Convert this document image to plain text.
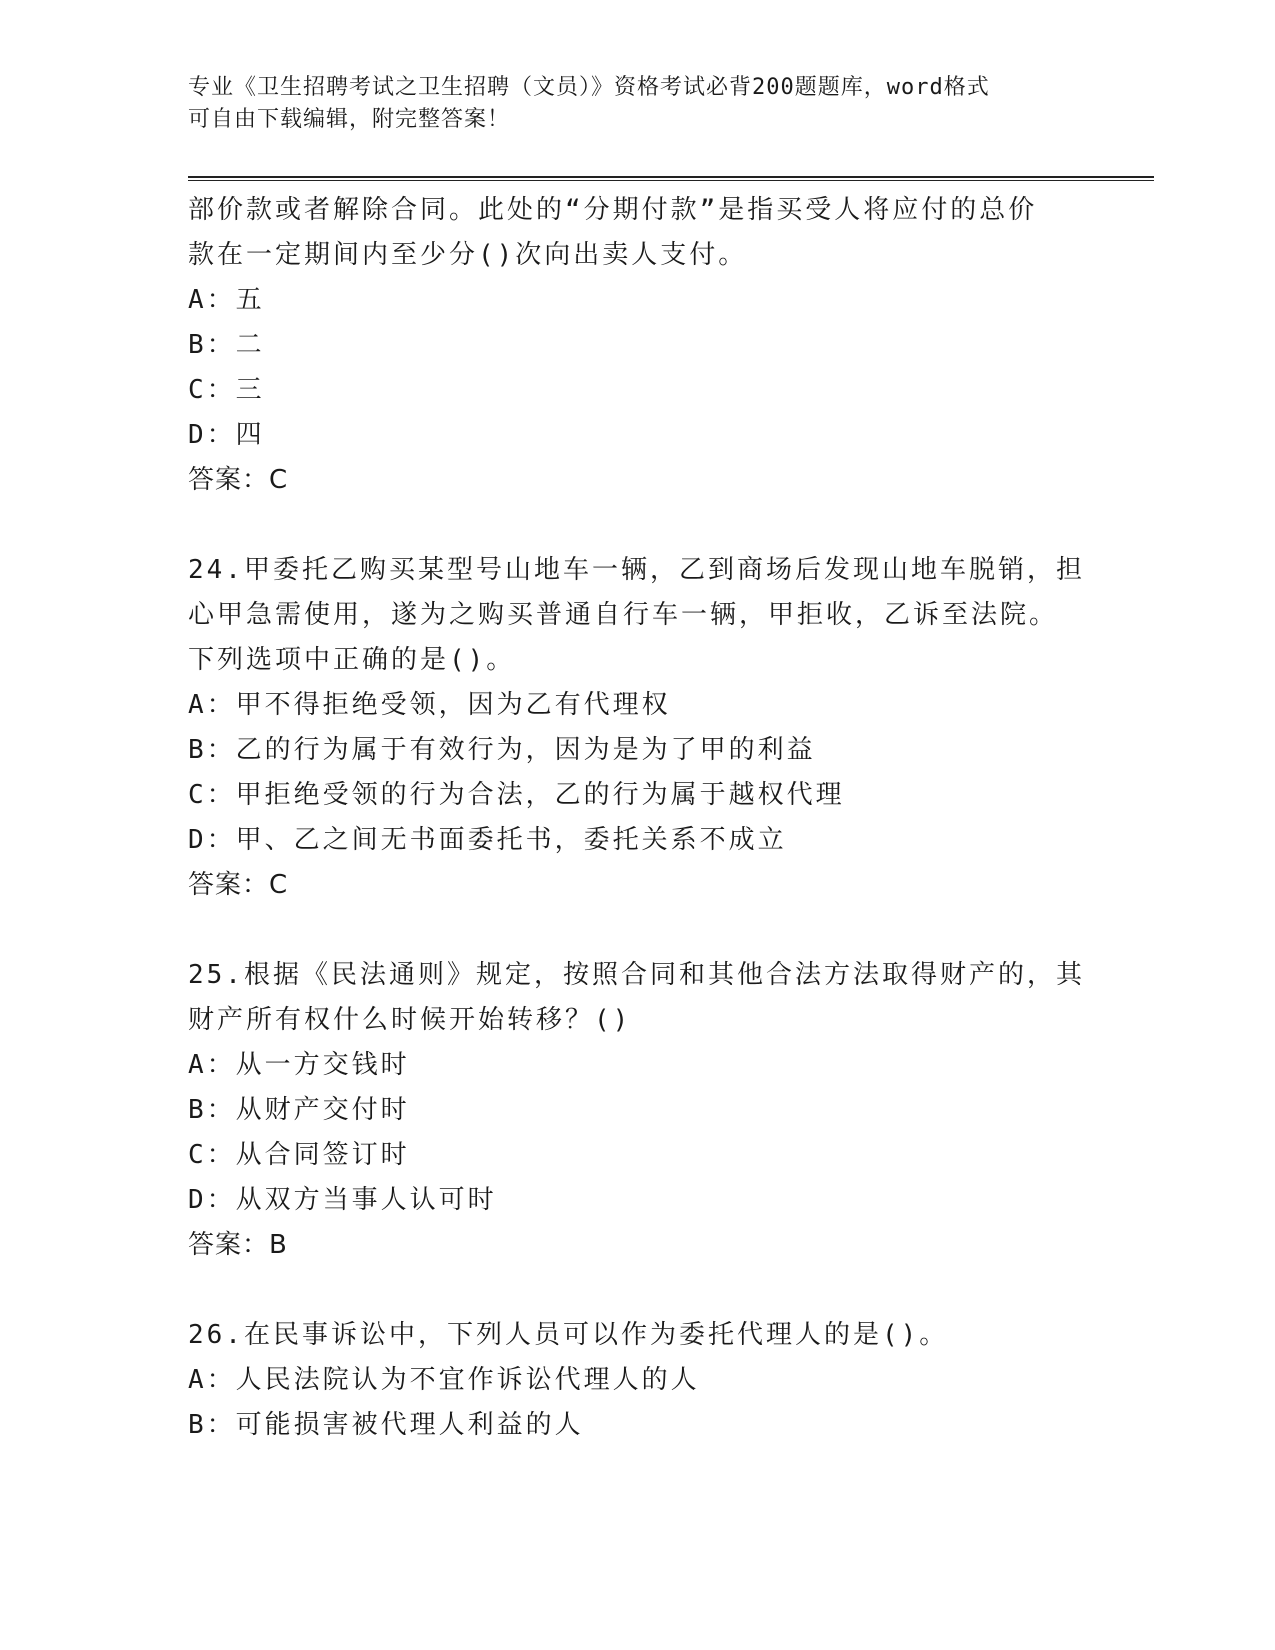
专业《卫生招聘考试之卫生招聘（文员）》资格考试必背200题题库，word格式
可自由下载编辑，附完整答案！
部价款或者解除合同。此处的“分期付款”是指买受人将应付的总价
款在一定期间内至少分()次向出卖人支付。
A：五
B：二
C：三
D：四
答案：C
24.甲委托乙购买某型号山地车一辆，乙到商场后发现山地车脱销，担
心甲急需使用，遂为之购买普通自行车一辆，甲拒收，乙诉至法院。
下列选项中正确的是()。
A：甲不得拒绝受领，因为乙有代理权
B：乙的行为属于有效行为，因为是为了甲的利益
C：甲拒绝受领的行为合法，乙的行为属于越权代理
D：甲、乙之间无书面委托书，委托关系不成立
答案：C
25.根据《民法通则》规定，按照合同和其他合法方法取得财产的，其
财产所有权什么时候开始转移？()
A：从一方交钱时
B：从财产交付时
C：从合同签订时
D：从双方当事人认可时
答案：B
26.在民事诉讼中，下列人员可以作为委托代理人的是()。
A：人民法院认为不宜作诉讼代理人的人
B：可能损害被代理人利益的人
